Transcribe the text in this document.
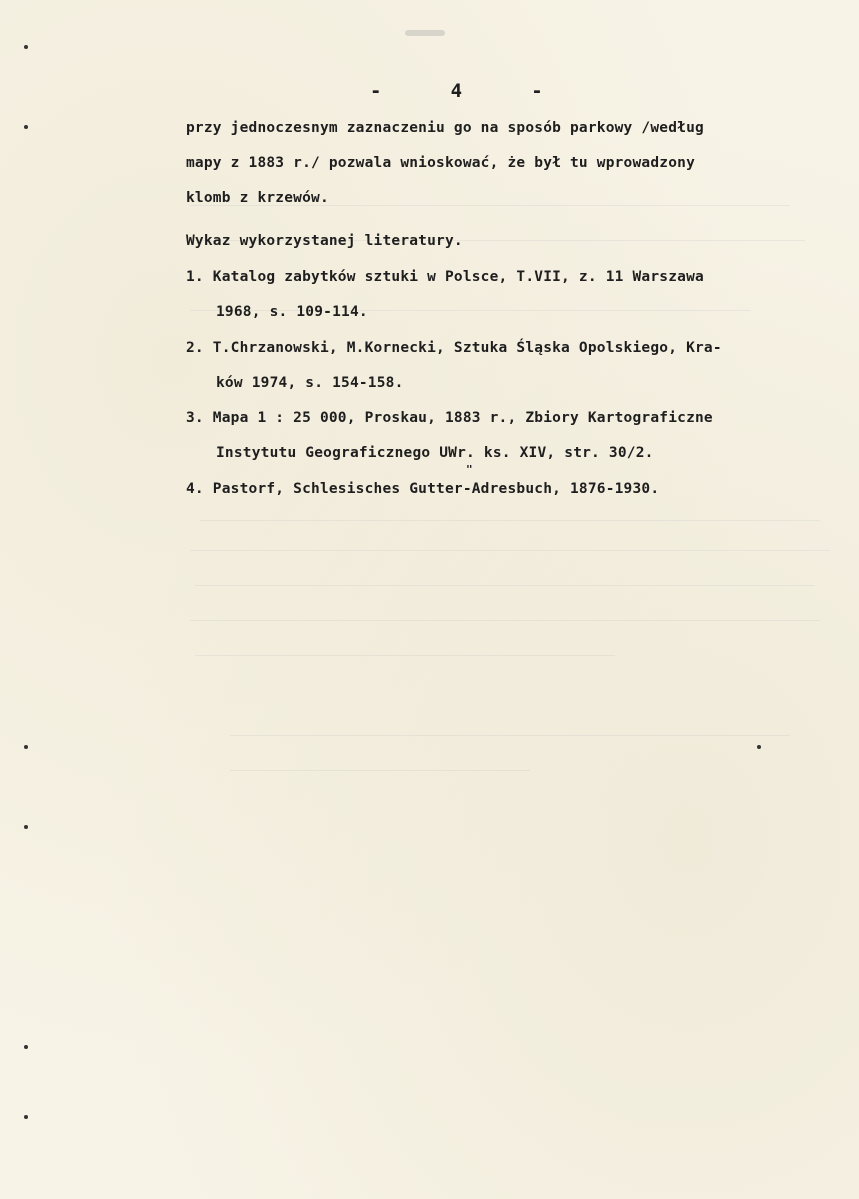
-     4     -
przy jednoczesnym zaznaczeniu go na sposób parkowy /według
mapy z 1883 r./ pozwala wnioskować, że był tu wprowadzony
klomb z krzewów.
Wykaz wykorzystanej literatury.
1. Katalog zabytków sztuki w Polsce, T.VII, z. 11 Warszawa
1968, s. 109-114.
2. T.Chrzanowski, M.Kornecki, Sztuka Śląska Opolskiego, Kra-
ków 1974, s. 154-158.
3. Mapa 1 : 25 000, Proskau, 1883 r., Zbiory Kartograficzne
Instytutu Geograficznego UWr. ks. XIV, str. 30/2.
"
4. Pastorf, Schlesisches Gutter-Adresbuch, 1876-1930.
